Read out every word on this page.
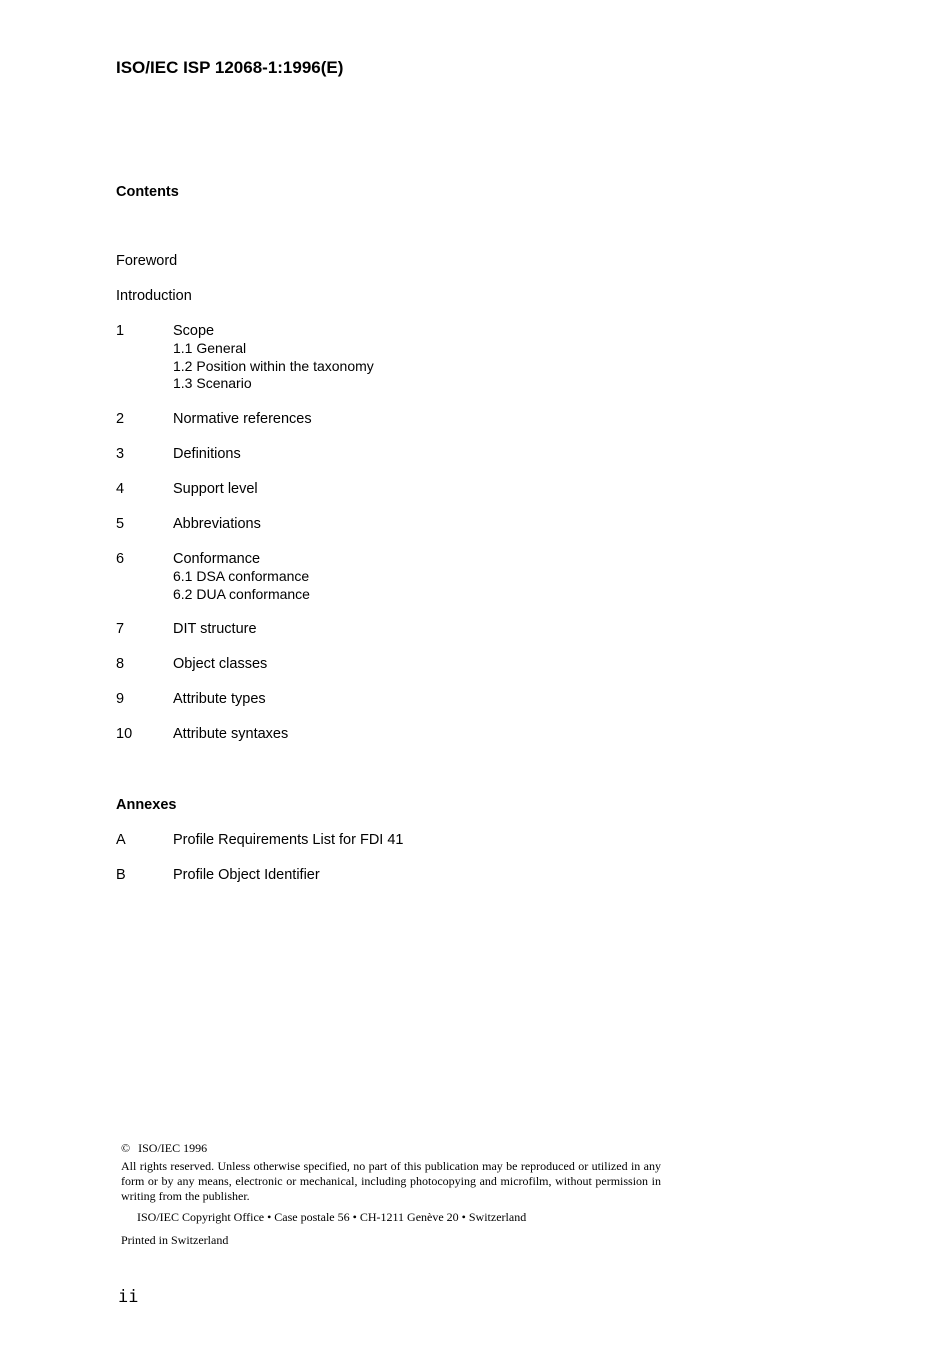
ISO/IEC ISP 12068-1:1996(E)
Contents
Foreword
Introduction
1	Scope
1.1 General
1.2 Position within the taxonomy
1.3 Scenario
2	Normative references
3	Definitions
4	Support level
5	Abbreviations
6	Conformance
6.1 DSA conformance
6.2 DUA conformance
7	DIT structure
8	Object classes
9	Attribute types
10	Attribute syntaxes
Annexes
A	Profile Requirements List for FDI 41
B	Profile Object Identifier
© ISO/IEC 1996
All rights reserved. Unless otherwise specified, no part of this publication may be reproduced or utilized in any form or by any means, electronic or mechanical, including photocopying and microfilm, without permission in writing from the publisher.
ISO/IEC Copyright Office • Case postale 56 • CH-1211 Genève 20 • Switzerland
Printed in Switzerland
ii
